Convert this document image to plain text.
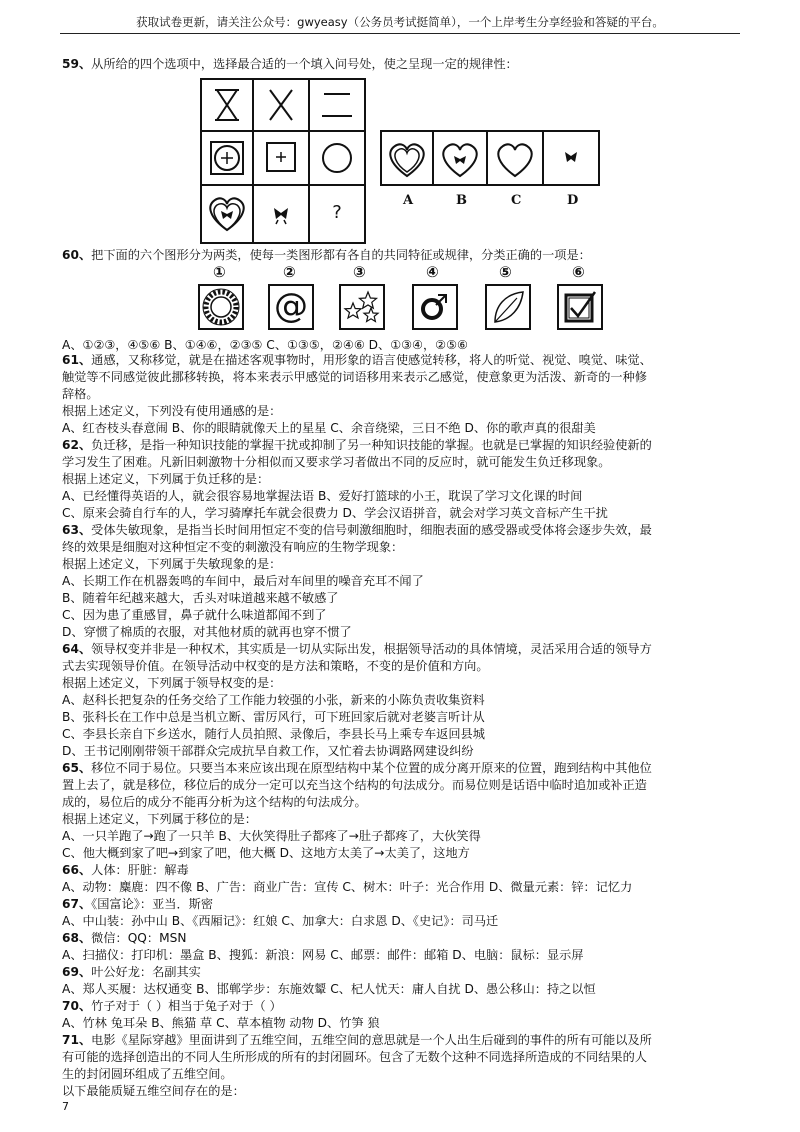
获取试卷更新，请关注公众号：gwyeasy（公务员考试挺简单），一个上岸考生分享经验和答疑的平台。
59、从所给的四个选项中，选择最合适的一个填入问号处，使之呈现一定的规律性：
?
A	B	C	D
60、把下面的六个图形分为两类，使每一类图形都有各自的共同特征或规律，分类正确的一项是：
①	②	③	④	⑤	⑥
@
A、①②③，④⑤⑥ B、①④⑥，②③⑤ C、①③⑤，②④⑥ D、①③④，②⑤⑥
61、通感，又称移觉，就是在描述客观事物时，用形象的语言使感觉转移，将人的听觉、视觉、嗅觉、味觉、
触觉等不同感觉彼此挪移转换，将本来表示甲感觉的词语移用来表示乙感觉，使意象更为活泼、新奇的一种修
辞格。
根据上述定义，下列没有使用通感的是：
A、红杏枝头春意闹 B、你的眼睛就像天上的星星 C、余音绕梁，三日不绝 D、你的歌声真的很甜美
62、负迁移，是指一种知识技能的掌握干扰或抑制了另一种知识技能的掌握。也就是已掌握的知识经验使新的
学习发生了困难。凡新旧刺激物十分相似而又要求学习者做出不同的反应时，就可能发生负迁移现象。
根据上述定义，下列属于负迁移的是：
A、已经懂得英语的人，就会很容易地掌握法语 B、爱好打篮球的小王，耽误了学习文化课的时间
C、原来会骑自行车的人，学习骑摩托车就会很费力 D、学会汉语拼音，就会对学习英文音标产生干扰
63、受体失敏现象，是指当长时间用恒定不变的信号刺激细胞时，细胞表面的感受器或受体将会逐步失效，最
终的效果是细胞对这种恒定不变的刺激没有响应的生物学现象：
根据上述定义，下列属于失敏现象的是：
A、长期工作在机器轰鸣的车间中，最后对车间里的噪音充耳不闻了
B、随着年纪越来越大，舌头对味道越来越不敏感了
C、因为患了重感冒，鼻子就什么味道都闻不到了
D、穿惯了棉质的衣服，对其他材质的就再也穿不惯了
64、领导权变并非是一种权术，其实质是一切从实际出发，根据领导活动的具体情境，灵活采用合适的领导方
式去实现领导价值。在领导活动中权变的是方法和策略，不变的是价值和方向。
根据上述定义，下列属于领导权变的是：
A、赵科长把复杂的任务交给了工作能力较强的小张，新来的小陈负责收集资料
B、张科长在工作中总是当机立断、雷厉风行，可下班回家后就对老婆言听计从
C、李县长亲自下乡送水，随行人员拍照、录像后，李县长马上乘专车返回县城
D、王书记刚刚带领干部群众完成抗旱自救工作，又忙着去协调路网建设纠纷
65、移位不同于易位。只要当本来应该出现在原型结构中某个位置的成分离开原来的位置，跑到结构中其他位
置上去了，就是移位，移位后的成分一定可以充当这个结构的句法成分。而易位则是话语中临时追加或补正造
成的，易位后的成分不能再分析为这个结构的句法成分。
根据上述定义，下列属于移位的是：
A、一只羊跑了→跑了一只羊 B、大伙笑得肚子都疼了→肚子都疼了，大伙笑得
C、他大概到家了吧→到家了吧，他大概 D、这地方太美了→太美了，这地方
66、人体：肝脏：解毒
A、动物：麋鹿：四不像 B、广告：商业广告：宣传 C、树木：叶子：光合作用 D、微量元素：锌：记忆力
67、《国富论》：亚当．斯密
A、中山装：孙中山 B、《西厢记》：红娘 C、加拿大：白求恩 D、《史记》：司马迁
68、微信：QQ：MSN
A、扫描仪：打印机：墨盒 B、搜狐：新浪：网易 C、邮票：邮件：邮箱 D、电脑：鼠标：显示屏
69、叶公好龙：名副其实
A、郑人买履：达权通变 B、邯郸学步：东施效颦 C、杞人忧天：庸人自扰 D、愚公移山：持之以恒
70、竹子对于（ ）相当于兔子对于（ ）
A、竹林 兔耳朵 B、熊猫 草 C、草本植物 动物 D、竹笋 狼
71、电影《星际穿越》里面讲到了五维空间，五维空间的意思就是一个人出生后碰到的事件的所有可能以及所
有可能的选择创造出的不同人生所形成的所有的封闭圆环。包含了无数个这种不同选择所造成的不同结果的人
生的封闭圆环组成了五维空间。
以下最能质疑五维空间存在的是：
7
